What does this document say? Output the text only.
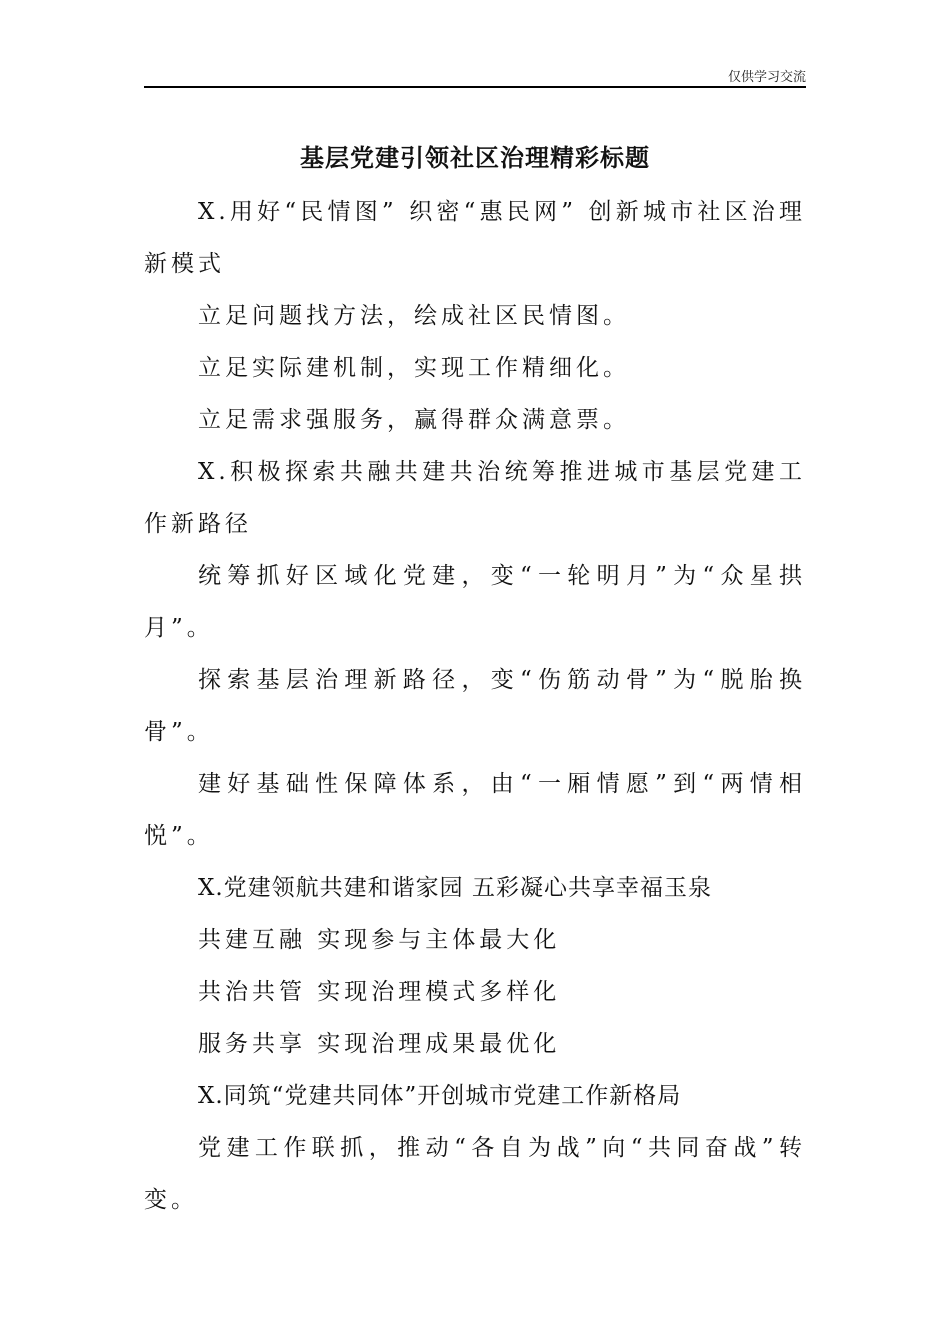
仅供学习交流
基层党建引领社区治理精彩标题

X.用好“民情图” 织密“惠民网” 创新城市社区治理新模式

立足问题找方法，绘成社区民情图。

立足实际建机制，实现工作精细化。

立足需求强服务，赢得群众满意票。

X.积极探索共融共建共治统筹推进城市基层党建工作新路径

统筹抓好区域化党建，变“一轮明月”为“众星拱月”。

探索基层治理新路径，变“伤筋动骨”为“脱胎换骨”。

建好基础性保障体系，由“一厢情愿”到“两情相悦”。

X.党建领航共建和谐家园 五彩凝心共享幸福玉泉

共建互融 实现参与主体最大化

共治共管 实现治理模式多样化

服务共享 实现治理成果最优化

X.同筑“党建共同体”开创城市党建工作新格局

党建工作联抓，推动“各自为战”向“共同奋战”转变。
